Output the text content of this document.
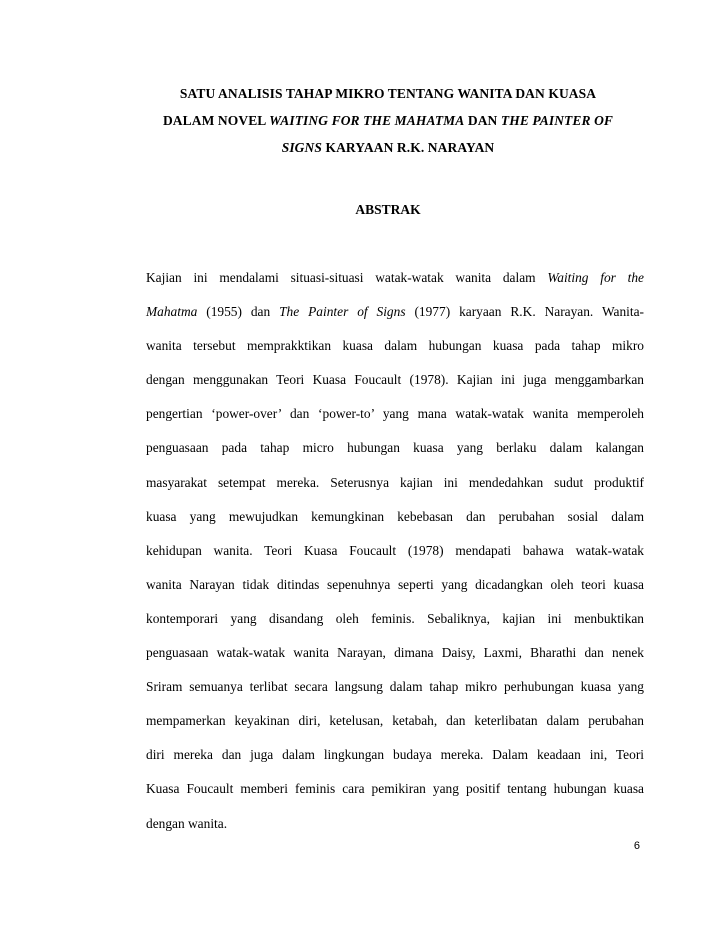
SATU ANALISIS TAHAP MIKRO TENTANG WANITA DAN KUASA
DALAM NOVEL WAITING FOR THE MAHATMA DAN THE PAINTER OF
SIGNS KARYAAN R.K. NARAYAN
ABSTRAK
Kajian ini mendalami situasi-situasi watak-watak wanita dalam Waiting for the
Mahatma (1955) dan The Painter of Signs (1977) karyaan R.K. Narayan. Wanita-
wanita tersebut memprakktikan kuasa dalam hubungan kuasa pada tahap mikro
dengan menggunakan Teori Kuasa Foucault (1978). Kajian ini juga menggambarkan
pengertian ‘power-over’ dan ‘power-to’ yang mana watak-watak wanita memperoleh
penguasaan pada tahap micro hubungan kuasa yang berlaku dalam kalangan
masyarakat setempat mereka. Seterusnya kajian ini mendedahkan sudut produktif
kuasa yang mewujudkan kemungkinan kebebasan dan perubahan sosial dalam
kehidupan wanita. Teori Kuasa Foucault (1978) mendapati bahawa watak-watak
wanita Narayan tidak ditindas sepenuhnya seperti yang dicadangkan oleh teori kuasa
kontemporari yang disandang oleh feminis. Sebaliknya, kajian ini menbuktikan
penguasaan watak-watak wanita Narayan, dimana Daisy, Laxmi, Bharathi dan nenek
Sriram semuanya terlibat secara langsung dalam tahap mikro perhubungan kuasa yang
mempamerkan keyakinan diri, ketelusan, ketabah, dan keterlibatan dalam perubahan
diri mereka dan juga dalam lingkungan budaya mereka. Dalam keadaan ini, Teori
Kuasa Foucault memberi feminis cara pemikiran yang positif tentang hubungan kuasa
dengan wanita.
6
